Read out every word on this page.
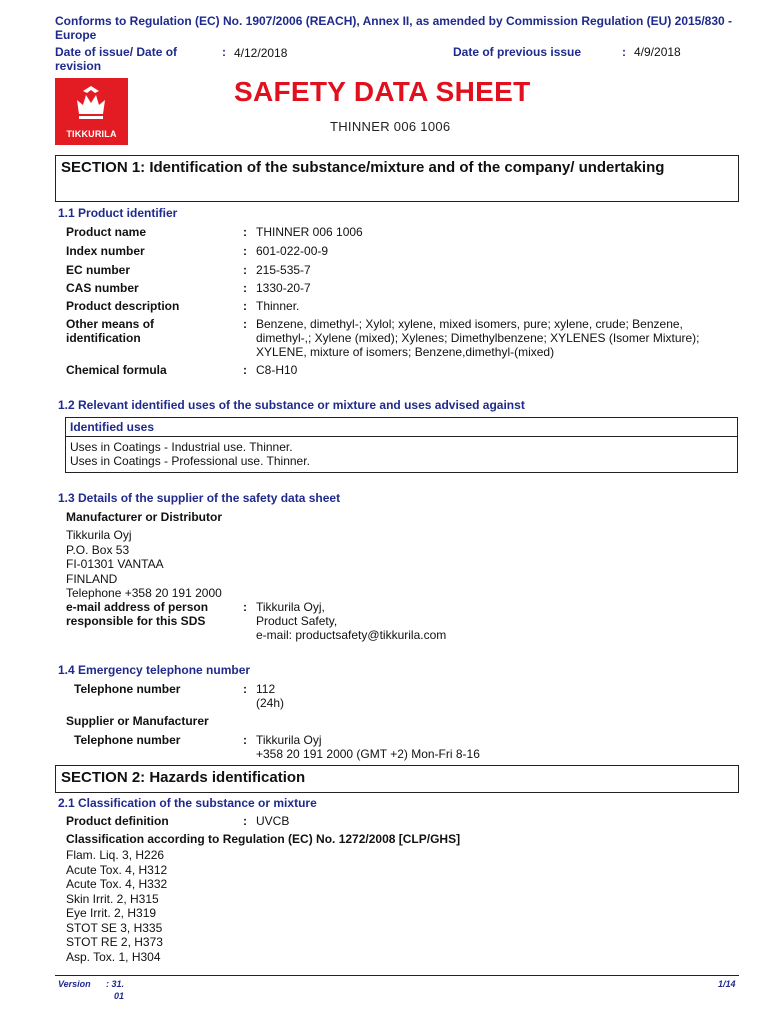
Conforms to Regulation (EC) No. 1907/2006 (REACH), Annex II, as amended by Commission Regulation (EU) 2015/830 - Europe
Date of issue/ Date of revision
: 4/12/2018	Date of previous issue	: 4/9/2018
TIKKURILA
SAFETY DATA SHEET
THINNER 006 1006
SECTION 1: Identification of the substance/mixture and of the company/ undertaking
1.1 Product identifier
Product name	: THINNER 006 1006
Index number	: 601-022-00-9
EC number	: 215-535-7
CAS number	: 1330-20-7
Product description	: Thinner.
Other means of identification
: Benzene, dimethyl-; Xylol; xylene, mixed isomers, pure; xylene, crude; Benzene, dimethyl-,; Xylene (mixed); Xylenes; Dimethylbenzene; XYLENES (Isomer Mixture); XYLENE, mixture of isomers; Benzene,dimethyl-(mixed)
Chemical formula	: C8-H10
1.2 Relevant identified uses of the substance or mixture and uses advised against
Identified uses
Uses in Coatings - Industrial use. Thinner.
Uses in Coatings - Professional use. Thinner.
1.3 Details of the supplier of the safety data sheet
Manufacturer or Distributor
Tikkurila Oyj
P.O. Box 53
FI-01301 VANTAA
FINLAND
Telephone +358 20 191 2000
e-mail address of person responsible for this SDS
: Tikkurila Oyj,
Product Safety,
e-mail: productsafety@tikkurila.com
1.4 Emergency telephone number
Telephone number	: 112
(24h)
Supplier or Manufacturer
Telephone number	: Tikkurila Oyj
+358 20 191 2000 (GMT +2) Mon-Fri 8-16
SECTION 2: Hazards identification
2.1 Classification of the substance or mixture
Product definition	: UVCB
Classification according to Regulation (EC) No. 1272/2008 [CLP/GHS]
Flam. Liq. 3, H226
Acute Tox. 4, H312
Acute Tox. 4, H332
Skin Irrit. 2, H315
Eye Irrit. 2, H319
STOT SE 3, H335
STOT RE 2, H373
Asp. Tox. 1, H304
Version : 31.
01
1/14
